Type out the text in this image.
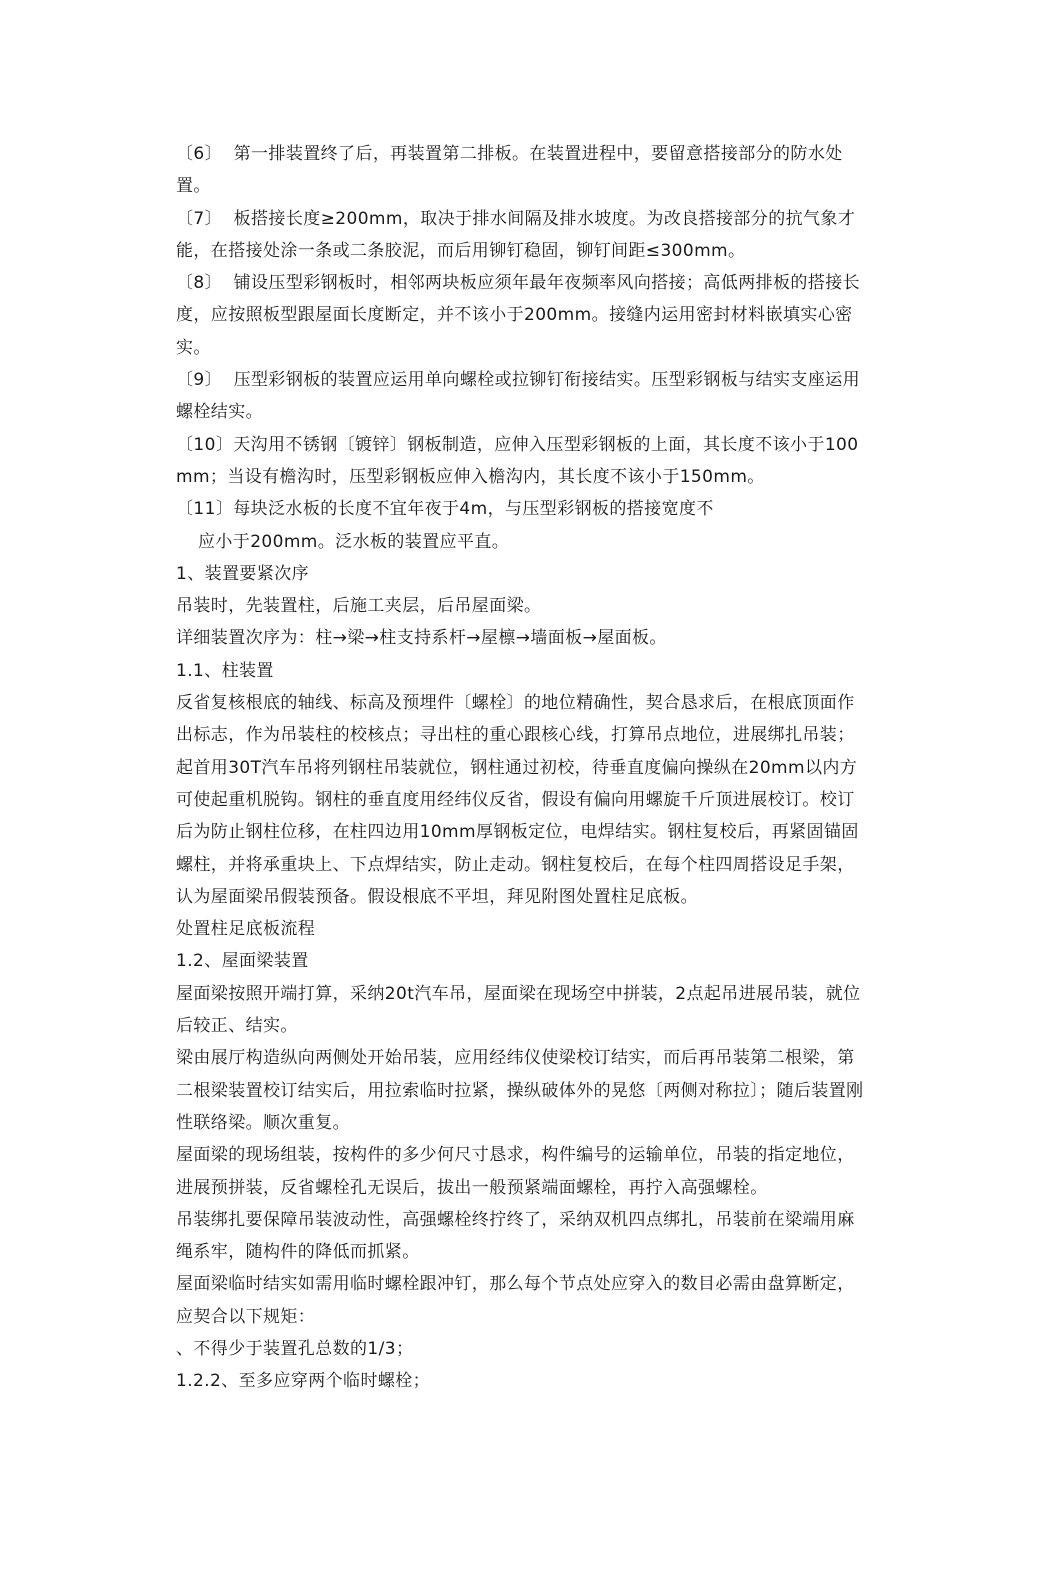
〔6〕  第一排装置终了后，再装置第二排板。在装置进程中，要留意搭接部分的防水处置。

〔7〕  板搭接长度≥200mm，取决于排水间隔及排水坡度。为改良搭接部分的抗气象才能，在搭接处涂一条或二条胶泥，而后用铆钉稳固，铆钉间距≤300mm。

〔8〕  铺设压型彩钢板时，相邻两块板应须年最年夜频率风向搭接；高低两排板的搭接长度，应按照板型跟屋面长度断定，并不该小于200mm。接缝内运用密封材料嵌填实心密实。

〔9〕  压型彩钢板的装置应运用单向螺栓或拉铆钉衔接结实。压型彩钢板与结实支座运用螺栓结实。

〔10〕天沟用不锈钢〔镀锌〕钢板制造，应伸入压型彩钢板的上面，其长度不该小于100mm；当设有檐沟时，压型彩钢板应伸入檐沟内，其长度不该小于150mm。

〔11〕每块泛水板的长度不宜年夜于4m，与压型彩钢板的搭接宽度不

应小于200mm。泛水板的装置应平直。

1、装置要紧次序

吊装时，先装置柱，后施工夹层，后吊屋面梁。

详细装置次序为：柱→梁→柱支持系杆→屋檩→墙面板→屋面板。

1.1、柱装置

反省复核根底的轴线、标高及预埋件〔螺栓〕的地位精确性，契合恳求后，在根底顶面作出标志，作为吊装柱的校核点；寻出柱的重心跟核心线，打算吊点地位，进展绑扎吊装；起首用30T汽车吊将列钢柱吊装就位，钢柱通过初校，待垂直度偏向操纵在20mm以内方可使起重机脱钩。钢柱的垂直度用经纬仪反省，假设有偏向用螺旋千斤顶进展校订。校订后为防止钢柱位移，在柱四边用10mm厚钢板定位，电焊结实。钢柱复校后，再紧固锚固螺柱，并将承重块上、下点焊结实，防止走动。钢柱复校后，在每个柱四周搭设足手架，认为屋面梁吊假装预备。假设根底不平坦，拜见附图处置柱足底板。

处置柱足底板流程

1.2、屋面梁装置

屋面梁按照开端打算，采纳20t汽车吊，屋面梁在现场空中拼装，2点起吊进展吊装，就位后较正、结实。

梁由展厅构造纵向两侧处开始吊装，应用经纬仪使梁校订结实，而后再吊装第二根梁，第二根梁装置校订结实后，用拉索临时拉紧，操纵破体外的晃悠〔两侧对称拉〕；随后装置刚性联络梁。顺次重复。

屋面梁的现场组装，按构件的多少何尺寸恳求，构件编号的运输单位，吊装的指定地位，进展预拼装，反省螺栓孔无误后，拔出一般预紧端面螺栓，再拧入高强螺栓。

吊装绑扎要保障吊装波动性，高强螺栓终拧终了，采纳双机四点绑扎，吊装前在梁端用麻绳系牢，随构件的降低而抓紧。

屋面梁临时结实如需用临时螺栓跟冲钉，那么每个节点处应穿入的数目必需由盘算断定，应契合以下规矩：

、不得少于装置孔总数的1/3；

1.2.2、至多应穿两个临时螺栓；
